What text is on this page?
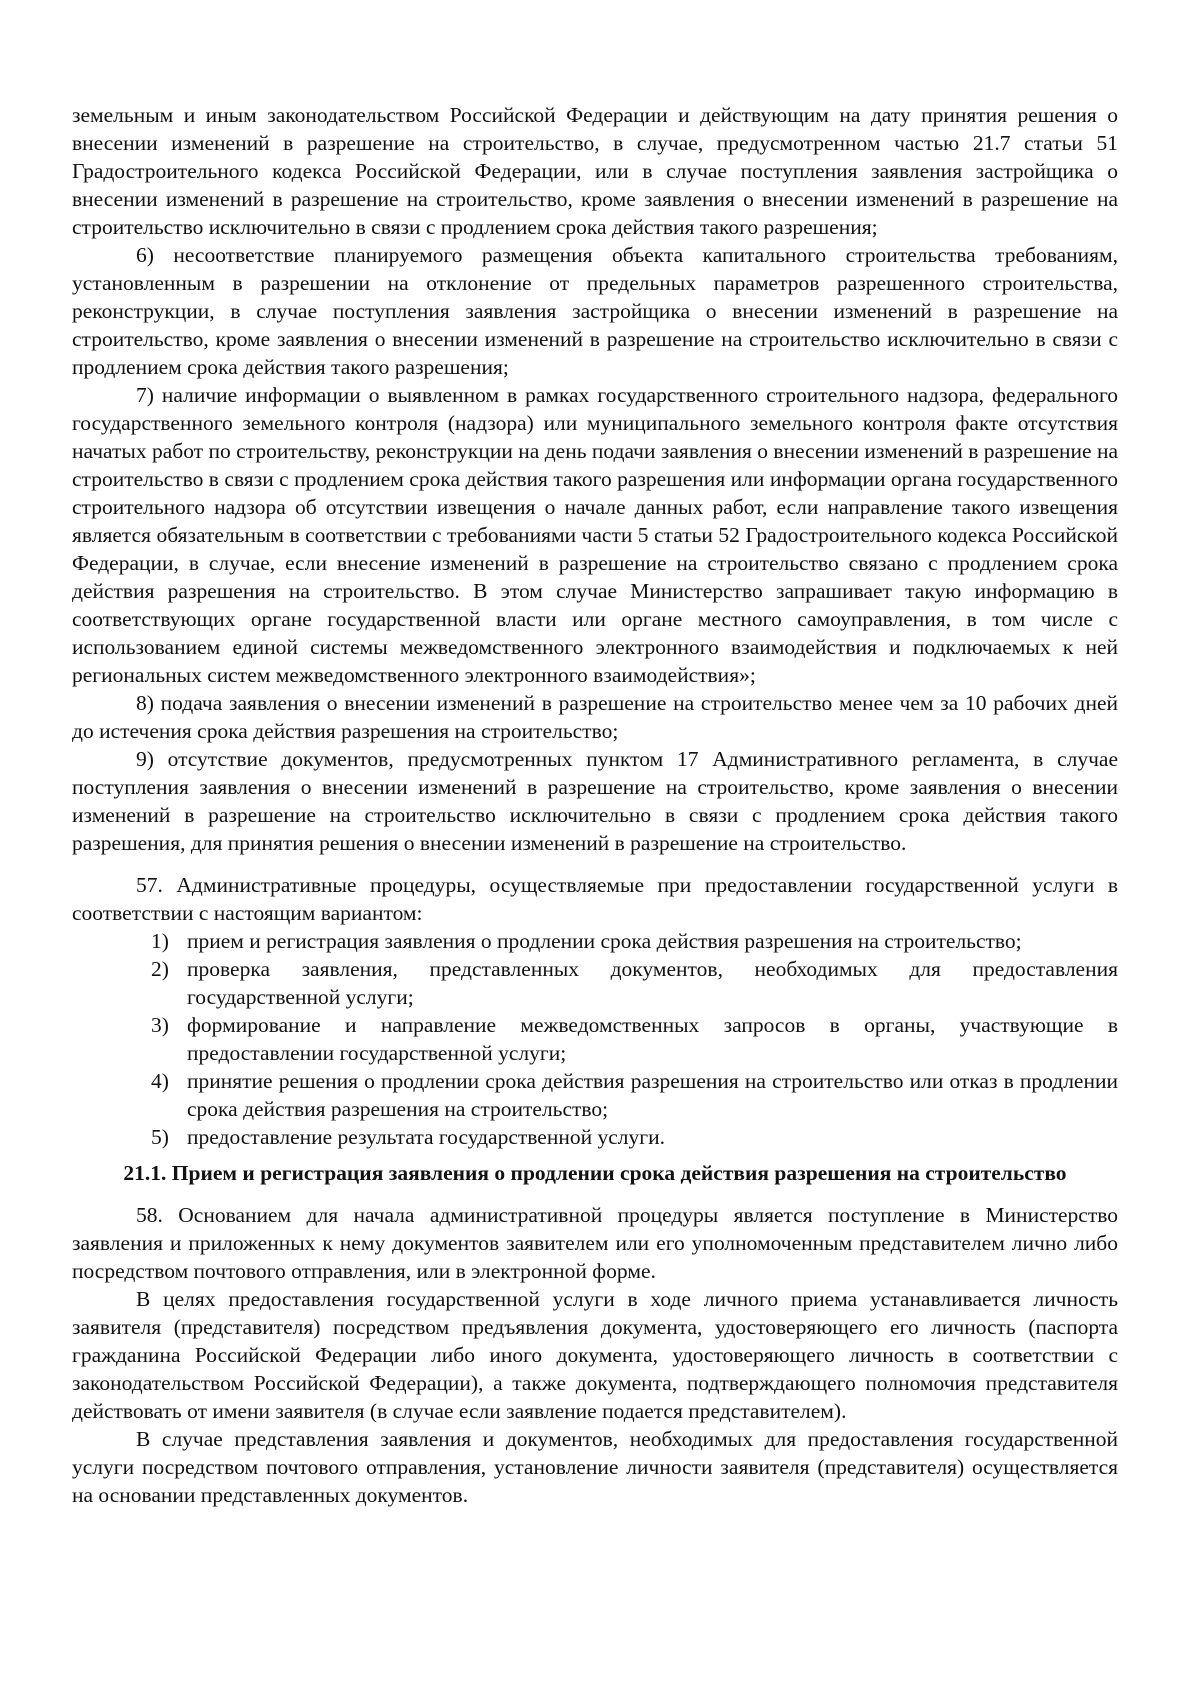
земельным и иным законодательством Российской Федерации и действующим на дату принятия решения о внесении изменений в разрешение на строительство, в случае, предусмотренном частью 21.7 статьи 51 Градостроительного кодекса Российской Федерации, или в случае поступления заявления застройщика о внесении изменений в разрешение на строительство, кроме заявления о внесении изменений в разрешение на строительство исключительно в связи с продлением срока действия такого разрешения;

6) несоответствие планируемого размещения объекта капитального строительства требованиям, установленным в разрешении на отклонение от предельных параметров разрешенного строительства, реконструкции, в случае поступления заявления застройщика о внесении изменений в разрешение на строительство, кроме заявления о внесении изменений в разрешение на строительство исключительно в связи с продлением срока действия такого разрешения;

7) наличие информации о выявленном в рамках государственного строительного надзора, федерального государственного земельного контроля (надзора) или муниципального земельного контроля факте отсутствия начатых работ по строительству, реконструкции на день подачи заявления о внесении изменений в разрешение на строительство в связи с продлением срока действия такого разрешения или информации органа государственного строительного надзора об отсутствии извещения о начале данных работ, если направление такого извещения является обязательным в соответствии с требованиями части 5 статьи 52 Градостроительного кодекса Российской Федерации, в случае, если внесение изменений в разрешение на строительство связано с продлением срока действия разрешения на строительство. В этом случае Министерство запрашивает такую информацию в соответствующих органе государственной власти или органе местного самоуправления, в том числе с использованием единой системы межведомственного электронного взаимодействия и подключаемых к ней региональных систем межведомственного электронного взаимодействия»;

8) подача заявления о внесении изменений в разрешение на строительство менее чем за 10 рабочих дней до истечения срока действия разрешения на строительство;

9) отсутствие документов, предусмотренных пунктом 17 Административного регламента, в случае поступления заявления о внесении изменений в разрешение на строительство, кроме заявления о внесении изменений в разрешение на строительство исключительно в связи с продлением срока действия такого разрешения, для принятия решения о внесении изменений в разрешение на строительство.

57. Административные процедуры, осуществляемые при предоставлении государственной услуги в соответствии с настоящим вариантом:

1) прием и регистрация заявления о продлении срока действия разрешения на строительство;
2) проверка заявления, представленных документов, необходимых для предоставления государственной услуги;
3) формирование и направление межведомственных запросов в органы, участвующие в предоставлении государственной услуги;
4) принятие решения о продлении срока действия разрешения на строительство или отказ в продлении срока действия разрешения на строительство;
5) предоставление результата государственной услуги.
21.1. Прием и регистрация заявления о продлении срока действия разрешения на строительство

58. Основанием для начала административной процедуры является поступление в Министерство заявления и приложенных к нему документов заявителем или его уполномоченным представителем лично либо посредством почтового отправления, или в электронной форме.

В целях предоставления государственной услуги в ходе личного приема устанавливается личность заявителя (представителя) посредством предъявления документа, удостоверяющего его личность (паспорта гражданина Российской Федерации либо иного документа, удостоверяющего личность в соответствии с законодательством Российской Федерации), а также документа, подтверждающего полномочия представителя действовать от имени заявителя (в случае если заявление подается представителем).

В случае представления заявления и документов, необходимых для предоставления государственной услуги посредством почтового отправления, установление личности заявителя (представителя) осуществляется на основании представленных документов.
